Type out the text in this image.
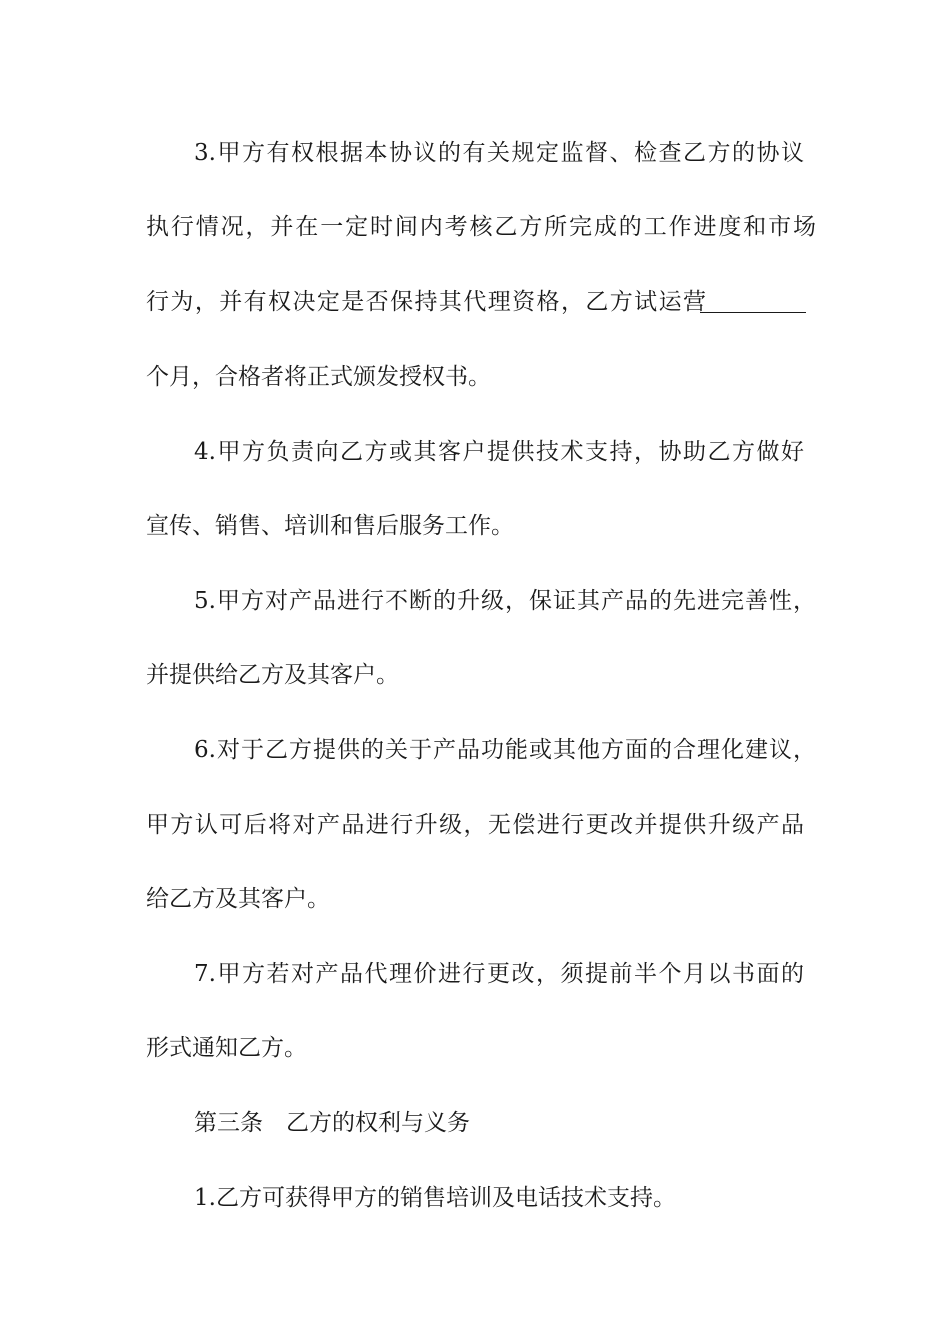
3.甲方有权根据本协议的有关规定监督、检查乙方的协议
执行情况，并在一定时间内考核乙方所完成的工作进度和市场
行为，并有权决定是否保持其代理资格，乙方试运营
个月，合格者将正式颁发授权书。
4.甲方负责向乙方或其客户提供技术支持，协助乙方做好
宣传、销售、培训和售后服务工作。
5.甲方对产品进行不断的升级，保证其产品的先进完善性，
并提供给乙方及其客户。
6.对于乙方提供的关于产品功能或其他方面的合理化建议，
甲方认可后将对产品进行升级，无偿进行更改并提供升级产品
给乙方及其客户。
7.甲方若对产品代理价进行更改，须提前半个月以书面的
形式通知乙方。
第三条　乙方的权利与义务
1.乙方可获得甲方的销售培训及电话技术支持。
